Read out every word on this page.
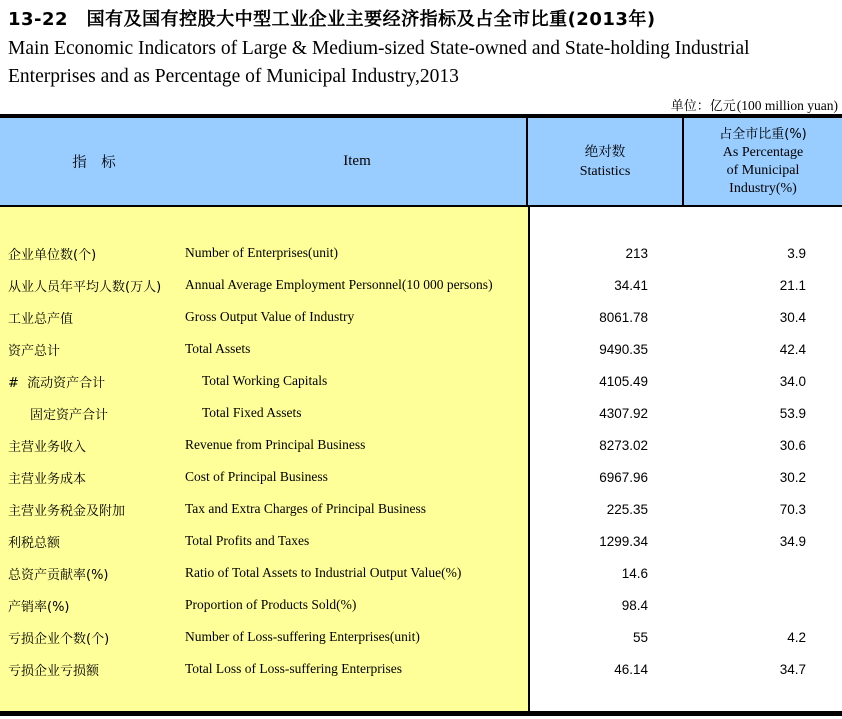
13-22　国有及国有控股大中型工业企业主要经济指标及占全市比重(2013年)
Main Economic Indicators of Large & Medium-sized State-owned and State-holding Industrial
Enterprises and as Percentage of Municipal Industry,2013
单位：亿元 (100 million yuan)
指　标	Item
绝对数
Statistics
占全市比重(%)
As Percentage
of Municipal
Industry(%)
企业单位数(个)	Number of Enterprises(unit)	213	3.9
从业人员年平均人数(万人)	Annual Average Employment Personnel(10 000 persons)	34.41	21.1
工业总产值	Gross Output Value of Industry	8061.78	30.4
资产总计	Total Assets	9490.35	42.4
#  流动资产合计	Total Working Capitals	4105.49	34.0
固定资产合计	Total Fixed Assets	4307.92	53.9
主营业务收入	Revenue from Principal Business	8273.02	30.6
主营业务成本	Cost of Principal Business	6967.96	30.2
主营业务税金及附加	Tax and Extra Charges of Principal Business	225.35	70.3
利税总额	Total Profits and Taxes	1299.34	34.9
总资产贡献率(%)	Ratio of Total Assets to Industrial Output Value(%)	14.6
产销率(%)	Proportion of Products Sold(%)	98.4
亏损企业个数(个)	Number of Loss-suffering Enterprises(unit)	55	4.2
亏损企业亏损额	Total Loss of Loss-suffering Enterprises	46.14	34.7
